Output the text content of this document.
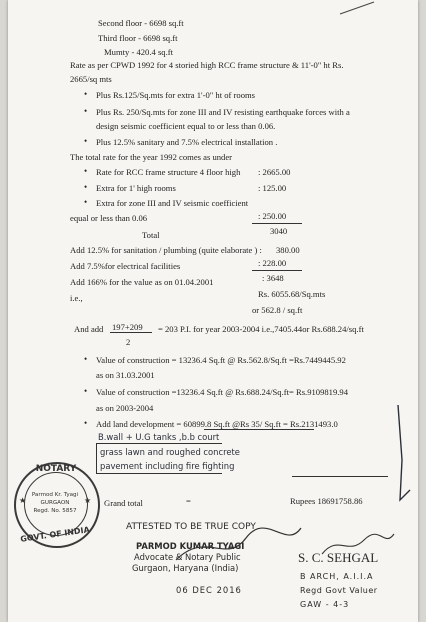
Second floor - 6698 sq.ft
Third floor - 6698 sq.ft
Mumty - 420.4 sq.ft
Rate as per CPWD 1992 for 4 storied high RCC frame structure & 11'-0" ht Rs.
2665/sq mts
• Plus Rs.125/Sq.mts for extra 1'-0" ht of rooms
• Plus Rs. 250/Sq.mts for zone III and IV resisting earthquake forces with a
design seismic coefficient equal to or less than 0.06.
• Plus 12.5% sanitary and 7.5% electrical installation .
The total rate for the year 1992 comes as under
• Rate for RCC frame structure 4 floor high : 2665.00
• Extra for 1' high rooms	: 125.00
• Extra for zone III and IV seismic coefficient
equal or less than 0.06	: 250.00
Total	3040
Add 12.5% for sanitation / plumbing (quite elaborate ) : 380.00
Add 7.5%for electrical facilities	: 228.00
Add 166% for the value as on 01.04.2001	: 3648
i.e.,	Rs. 6055.68/Sq.mts
or 562.8 / sq.ft
And add 197+209
2
= 203 P.I. for year 2003-2004 i.e.,7405.44or Rs.688.24/sq.ft
• Value of construction = 13236.4 Sq.ft @ Rs.562.8/Sq.ft =Rs.7449445.92
as on 31.03.2001
• Value of construction =13236.4 Sq.ft @ Rs.688.24/Sq.ft= Rs.9109819.94
as on 2003-2004
• Add land development = 60899.8 Sq.ft @Rs 35/ Sq.ft = Rs.2131493.0
B.wall + U.G tanks ,b.b court
grass lawn and roughed concrete
pavement including fire fighting
Grand total	=	Rupees 18691758.86
NOTARY
Parmod Kr. Tyagi
GURGAON
Regd. No. 5857
GOVT. OF INDIA
★	★
ATTESTED TO BE TRUE COPY
PARMOD KUMAR TYAGI
Advocate & Notary Public
Gurgaon, Haryana (India)
06 DEC 2016
S. C. SEHGAL
B ARCH, A.I.I.A
Regd Govt Valuer
GAW - 4-3
